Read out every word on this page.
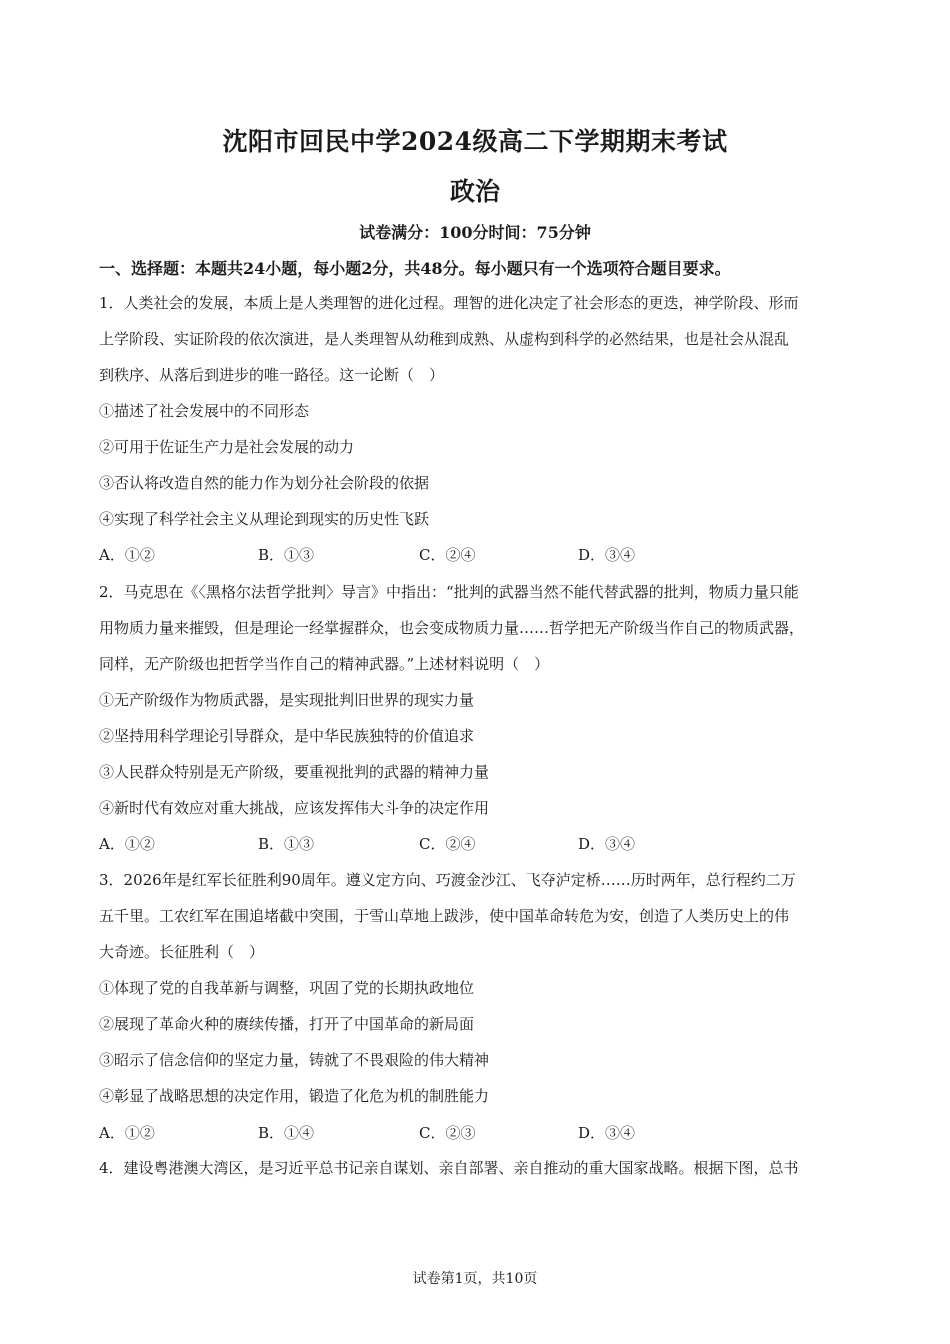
沈阳市回民中学2024级高二下学期期末考试
政治
试卷满分：100分时间：75分钟
一、选择题：本题共24小题，每小题2分，共48分。每小题只有一个选项符合题目要求。
1．人类社会的发展，本质上是人类理智的进化过程。理智的进化决定了社会形态的更迭，神学阶段、形而
上学阶段、实证阶段的依次演进，是人类理智从幼稚到成熟、从虚构到科学的必然结果，也是社会从混乱
到秩序、从落后到进步的唯一路径。这一论断（　）
①描述了社会发展中的不同形态
②可用于佐证生产力是社会发展的动力
③否认将改造自然的能力作为划分社会阶段的依据
④实现了科学社会主义从理论到现实的历史性飞跃
A．①②	B．①③	C．②④	D．③④
2．马克思在《〈黑格尔法哲学批判〉导言》中指出：“批判的武器当然不能代替武器的批判，物质力量只能
用物质力量来摧毁，但是理论一经掌握群众，也会变成物质力量……哲学把无产阶级当作自己的物质武器，
同样，无产阶级也把哲学当作自己的精神武器。”上述材料说明（　）
①无产阶级作为物质武器，是实现批判旧世界的现实力量
②坚持用科学理论引导群众，是中华民族独特的价值追求
③人民群众特别是无产阶级，要重视批判的武器的精神力量
④新时代有效应对重大挑战，应该发挥伟大斗争的决定作用
A．①②	B．①③	C．②④	D．③④
3．2026年是红军长征胜利90周年。遵义定方向、巧渡金沙江、飞夺泸定桥……历时两年，总行程约二万
五千里。工农红军在围追堵截中突围，于雪山草地上跋涉，使中国革命转危为安，创造了人类历史上的伟
大奇迹。长征胜利（　）
①体现了党的自我革新与调整，巩固了党的长期执政地位
②展现了革命火种的赓续传播，打开了中国革命的新局面
③昭示了信念信仰的坚定力量，铸就了不畏艰险的伟大精神
④彰显了战略思想的决定作用，锻造了化危为机的制胜能力
A．①②	B．①④	C．②③	D．③④
4．建设粤港澳大湾区，是习近平总书记亲自谋划、亲自部署、亲自推动的重大国家战略。根据下图，总书
试卷第1页，共10页
